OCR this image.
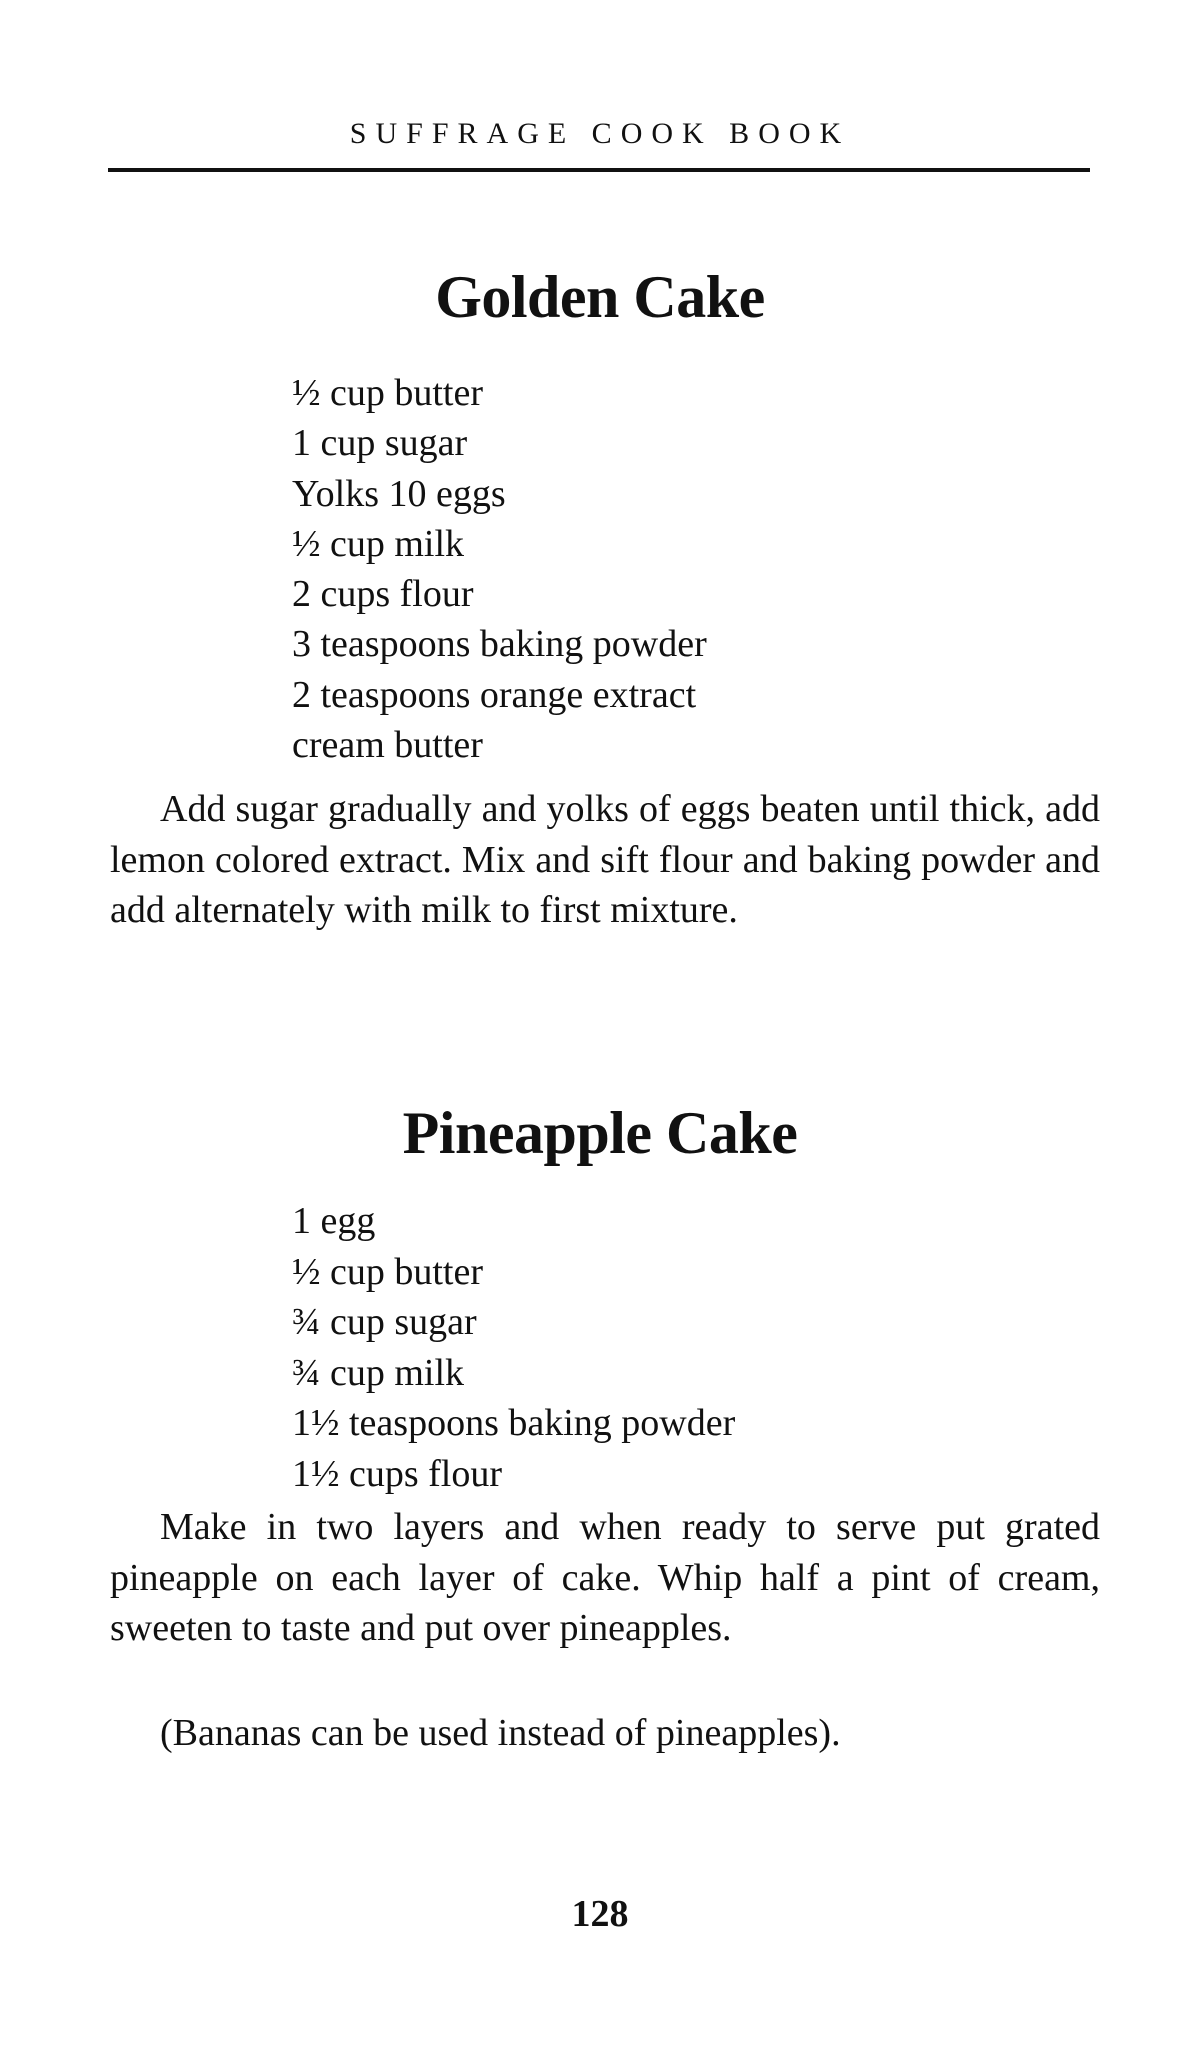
SUFFRAGE COOK BOOK
Golden Cake
½ cup butter
1 cup sugar
Yolks 10 eggs
½ cup milk
2 cups flour
3 teaspoons baking powder
2 teaspoons orange extract
cream butter

Add sugar gradually and yolks of eggs beaten until thick, add lemon colored extract. Mix and sift flour and baking powder and add alternately with milk to first mixture.

Pineapple Cake
1 egg
½ cup butter
¾ cup sugar
¾ cup milk
1½ teaspoons baking powder
1½ cups flour

Make in two layers and when ready to serve put grated pineapple on each layer of cake. Whip half a pint of cream, sweeten to taste and put over pineapples.

(Bananas can be used instead of pineapples).

128
